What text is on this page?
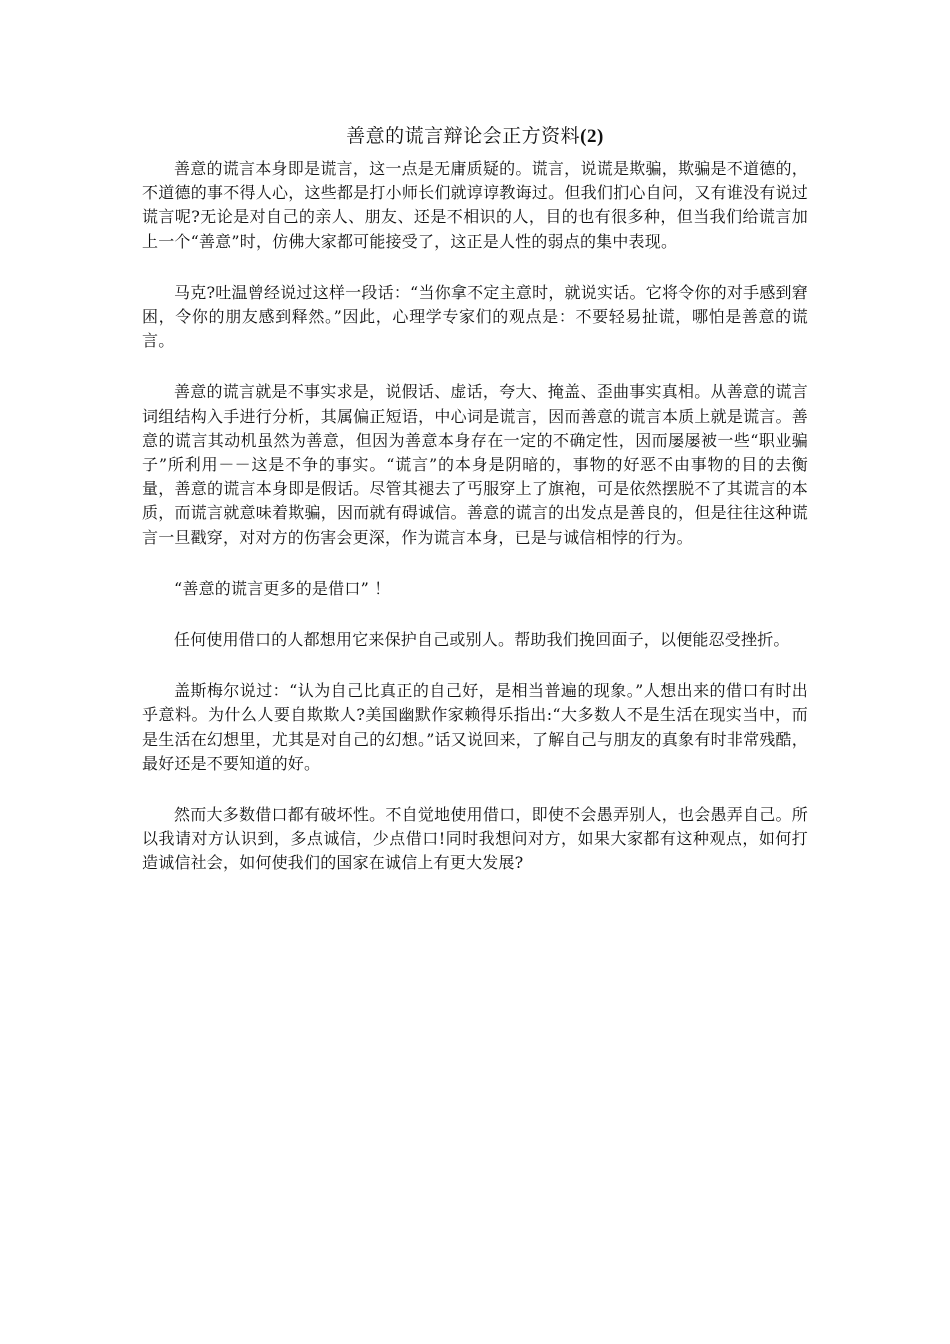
善意的谎言辩论会正方资料(2)

善意的谎言本身即是谎言，这一点是无庸质疑的。谎言，说谎是欺骗，欺骗是不道德的，不道德的事不得人心，这些都是打小师长们就谆谆教诲过。但我们扪心自问，又有谁没有说过谎言呢?无论是对自己的亲人、朋友、还是不相识的人，目的也有很多种，但当我们给谎言加上一个“善意”时，仿佛大家都可能接受了，这正是人性的弱点的集中表现。

马克?吐温曾经说过这样一段话：“当你拿不定主意时，就说实话。它将令你的对手感到窘困，令你的朋友感到释然。”因此，心理学专家们的观点是：不要轻易扯谎，哪怕是善意的谎言。

善意的谎言就是不事实求是，说假话、虚话，夸大、掩盖、歪曲事实真相。从善意的谎言词组结构入手进行分析，其属偏正短语，中心词是谎言，因而善意的谎言本质上就是谎言。善意的谎言其动机虽然为善意，但因为善意本身存在一定的不确定性，因而屡屡被一些“职业骗子”所利用－－这是不争的事实。“谎言”的本身是阴暗的，事物的好恶不由事物的目的去衡量，善意的谎言本身即是假话。尽管其褪去了丐服穿上了旗袍，可是依然摆脱不了其谎言的本质，而谎言就意味着欺骗，因而就有碍诚信。善意的谎言的出发点是善良的，但是往往这种谎言一旦戳穿，对对方的伤害会更深，作为谎言本身，已是与诚信相悖的行为。

“善意的谎言更多的是借口” ！

任何使用借口的人都想用它来保护自己或别人。帮助我们挽回面子，以便能忍受挫折。

盖斯梅尔说过：“认为自己比真正的自己好，是相当普遍的现象。”人想出来的借口有时出乎意料。为什么人要自欺欺人?美国幽默作家赖得乐指出:“大多数人不是生活在现实当中，而是生活在幻想里，尤其是对自己的幻想。”话又说回来，了解自己与朋友的真象有时非常残酷，最好还是不要知道的好。

然而大多数借口都有破坏性。不自觉地使用借口，即使不会愚弄别人，也会愚弄自己。所以我请对方认识到，多点诚信，少点借口!同时我想问对方，如果大家都有这种观点，如何打造诚信社会，如何使我们的国家在诚信上有更大发展?
